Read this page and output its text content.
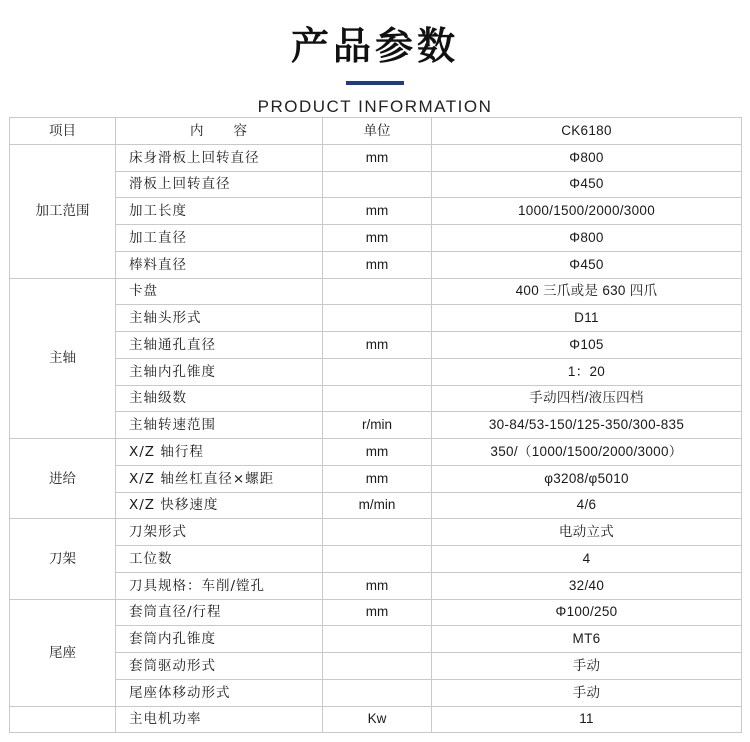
产品参数
PRODUCT INFORMATION
项目	内　　容	单位	CK6180
加工范围	床身滑板上回转直径	mm	Φ800
	滑板上回转直径		Φ450
	加工长度	mm	1000/1500/2000/3000
	加工直径	mm	Φ800
	棒料直径	mm	Φ450
主轴	卡盘		400 三爪或是 630 四爪
	主轴头形式		D11
	主轴通孔直径	mm	Φ105
	主轴内孔锥度		1：20
	主轴级数		手动四档/液压四档
	主轴转速范围	r/min	30-84/53-150/125-350/300-835
进给	X/Z 轴行程	mm	350/（1000/1500/2000/3000）
	X/Z 轴丝杠直径×螺距	mm	φ3208/φ5010
	X/Z 快移速度	m/min	4/6
刀架	刀架形式		电动立式
	工位数		4
	刀具规格：车削/镗孔	mm	32/40
尾座	套筒直径/行程	mm	Φ100/250
	套筒内孔锥度		MT6
	套筒驱动形式		手动
	尾座体移动形式		手动
	主电机功率	Kw	11
